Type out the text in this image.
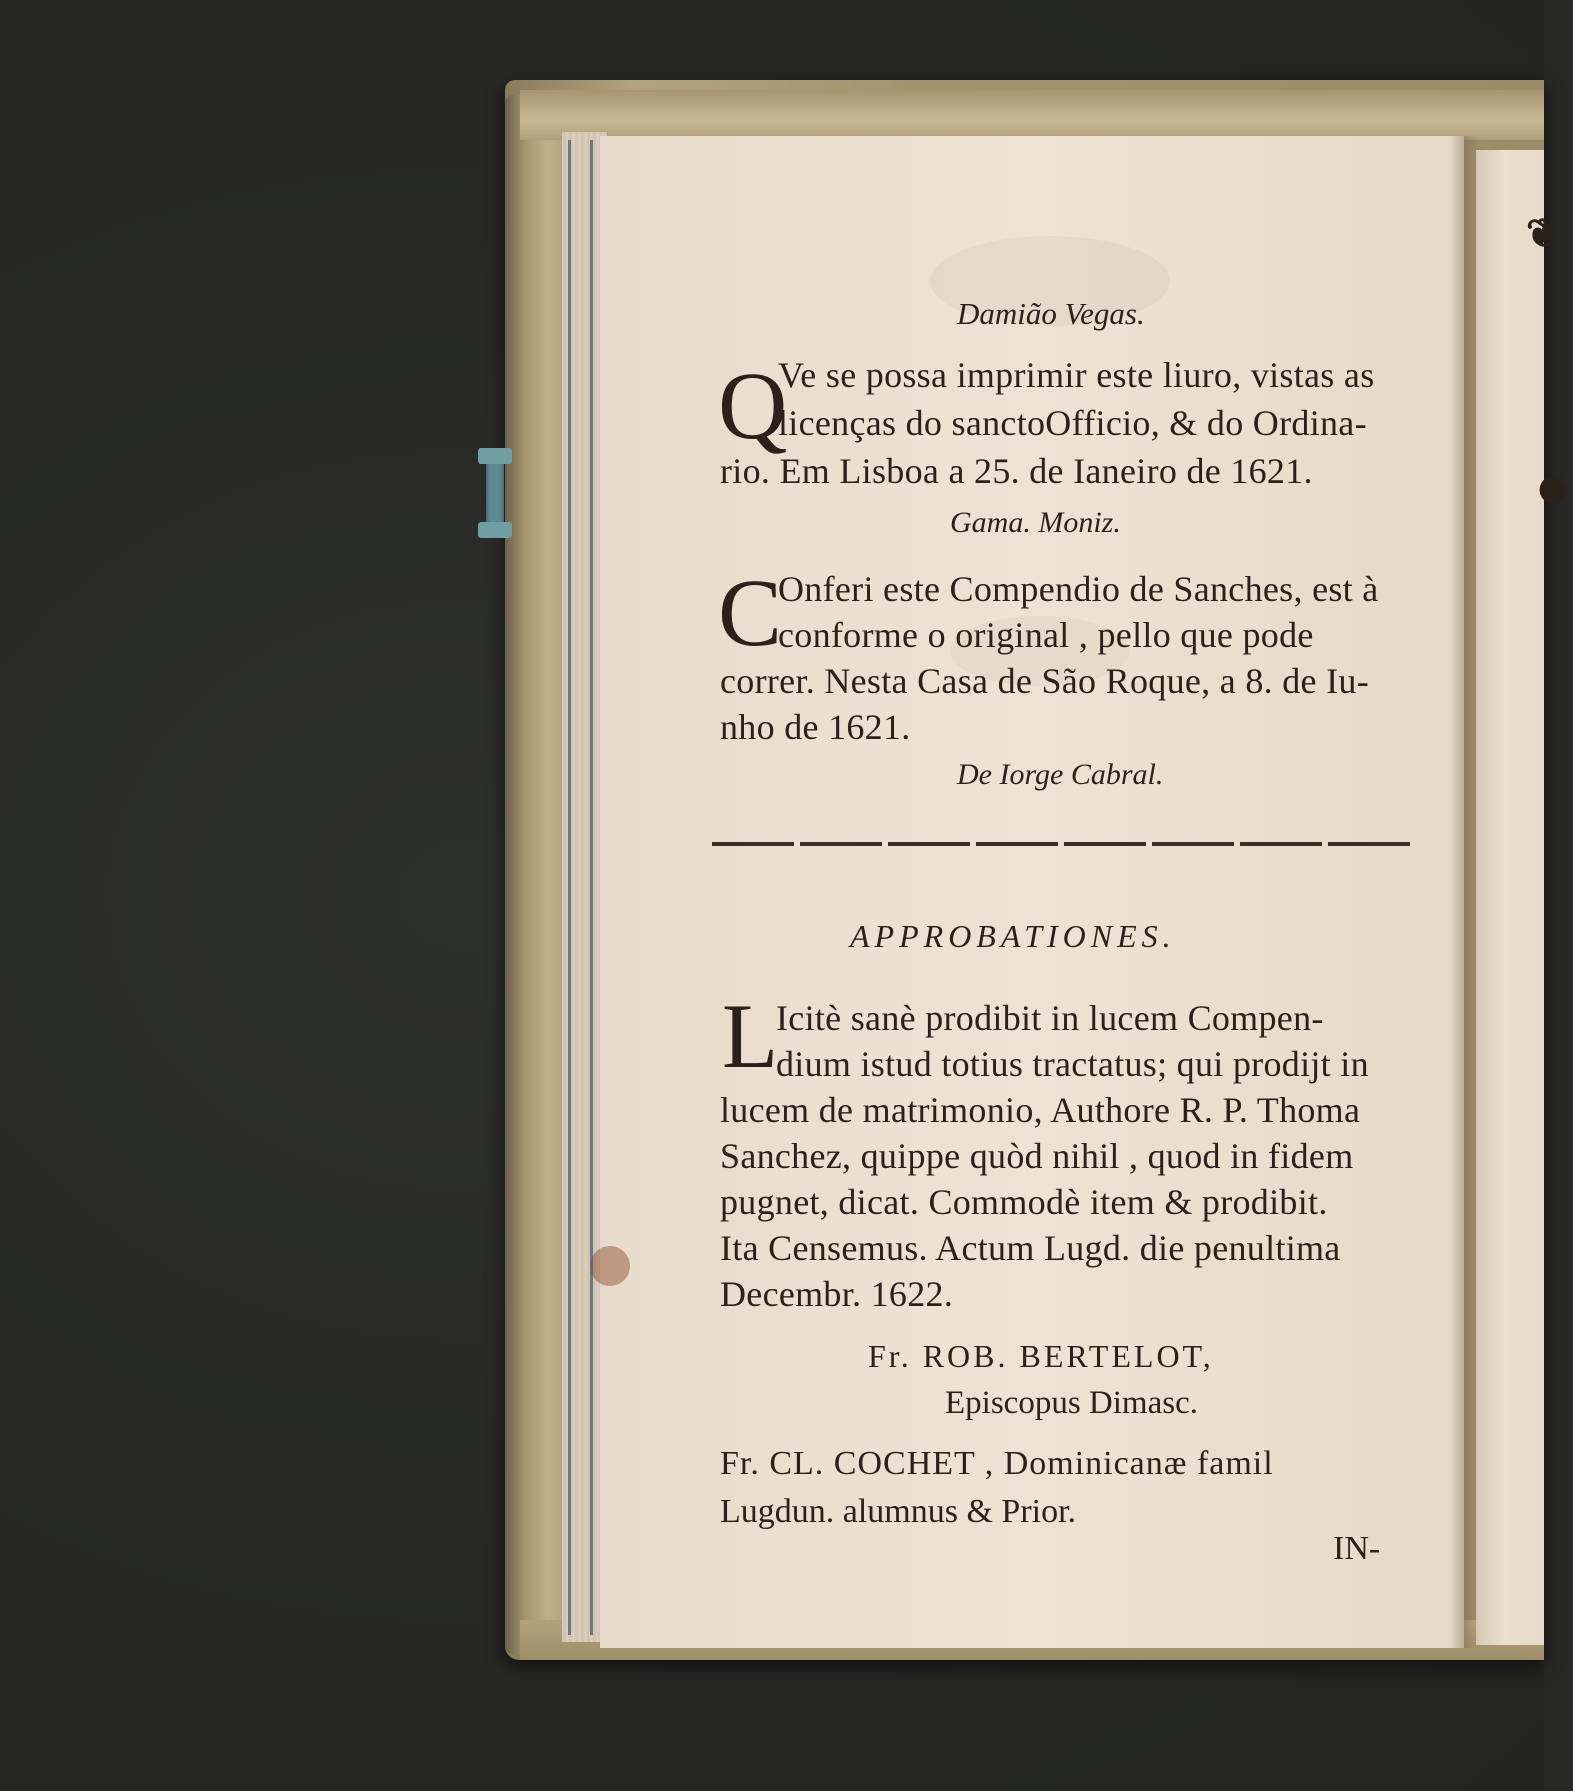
❦
●
Damião Vegas.
Q
Ve se possa imprimir este liuro, vistas as
licenças do sanctoOfficio, & do Ordina-
rio. Em Lisboa a 25. de Ianeiro de 1621.
Gama. Moniz.
C
Onferi este Compendio de Sanches, est à
conforme o original , pello que pode
correr. Nesta Casa de São Roque, a 8. de Iu-
nho de 1621.
De Iorge Cabral.
APPROBATIONES.
L
Icitè sanè prodibit in lucem Compen-
dium istud totius tractatus; qui prodijt in
lucem de matrimonio, Authore R. P. Thoma
Sanchez, quippe quòd nihil , quod in fidem
pugnet, dicat. Commodè item & prodibit.
Ita Censemus. Actum Lugd. die penultima
Decembr. 1622.
Fr. ROB. BERTELOT,
Episcopus Dimasc.
Fr. CL. COCHET , Dominicanæ famil
Lugdun. alumnus & Prior.
IN-
